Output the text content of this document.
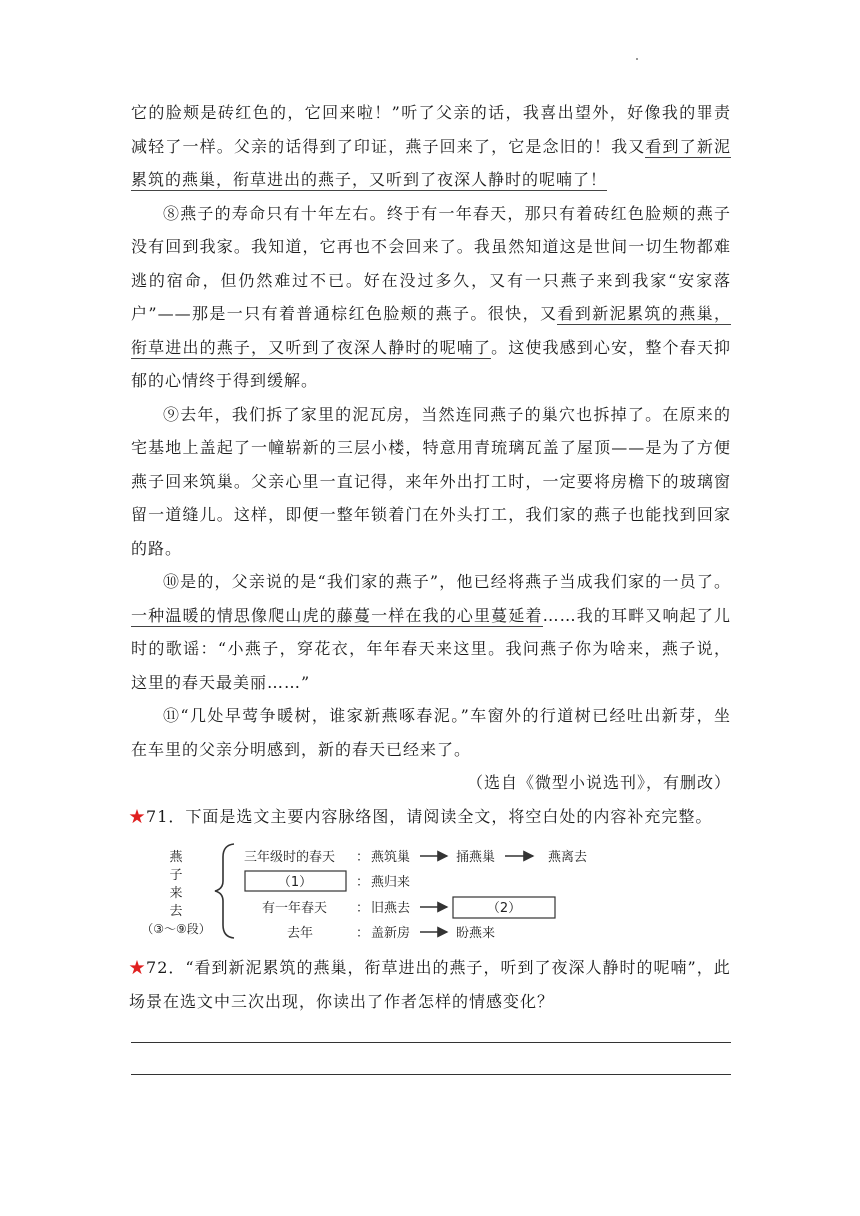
它的脸颊是砖红色的，它回来啦！”听了父亲的话，我喜出望外，好像我的罪责减轻了一样。父亲的话得到了印证，燕子回来了，它是念旧的！我又看到了新泥累筑的燕巢，衔草进出的燕子，又听到了夜深人静时的呢喃了！

⑧燕子的寿命只有十年左右。终于有一年春天，那只有着砖红色脸颊的燕子没有回到我家。我知道，它再也不会回来了。我虽然知道这是世间一切生物都难逃的宿命，但仍然难过不已。好在没过多久，又有一只燕子来到我家“安家落户”——那是一只有着普通棕红色脸颊的燕子。很快，又看到新泥累筑的燕巢，衔草进出的燕子，又听到了夜深人静时的呢喃了。这使我感到心安，整个春天抑郁的心情终于得到缓解。

⑨去年，我们拆了家里的泥瓦房，当然连同燕子的巢穴也拆掉了。在原来的宅基地上盖起了一幢崭新的三层小楼，特意用青琉璃瓦盖了屋顶——是为了方便燕子回来筑巢。父亲心里一直记得，来年外出打工时，一定要将房檐下的玻璃窗留一道缝儿。这样，即便一整年锁着门在外头打工，我们家的燕子也能找到回家的路。

⑩是的，父亲说的是“我们家的燕子”，他已经将燕子当成我们家的一员了。一种温暖的情思像爬山虎的藤蔓一样在我的心里蔓延着……我的耳畔又响起了儿时的歌谣：“小燕子，穿花衣，年年春天来这里。我问燕子你为啥来，燕子说，这里的春天最美丽……”

⑪“几处早莺争暖树，谁家新燕啄春泥。”车窗外的行道树已经吐出新芽，坐在车里的父亲分明感到，新的春天已经来了。

（选自《微型小说选刊》，有删改）

★71．下面是选文主要内容脉络图，请阅读全文，将空白处的内容补充完整。

燕
子
来
去
（③～⑨段）
三年级时的春天 ： 燕筑巢	捅燕巢	燕离去
（1）	： 燕归来
有一年春天 ： 旧燕去	（2）
去年	： 盖新房	盼燕来

★72．“看到新泥累筑的燕巢，衔草进出的燕子，听到了夜深人静时的呢喃”，此场景在选文中三次出现，你读出了作者怎样的情感变化？
